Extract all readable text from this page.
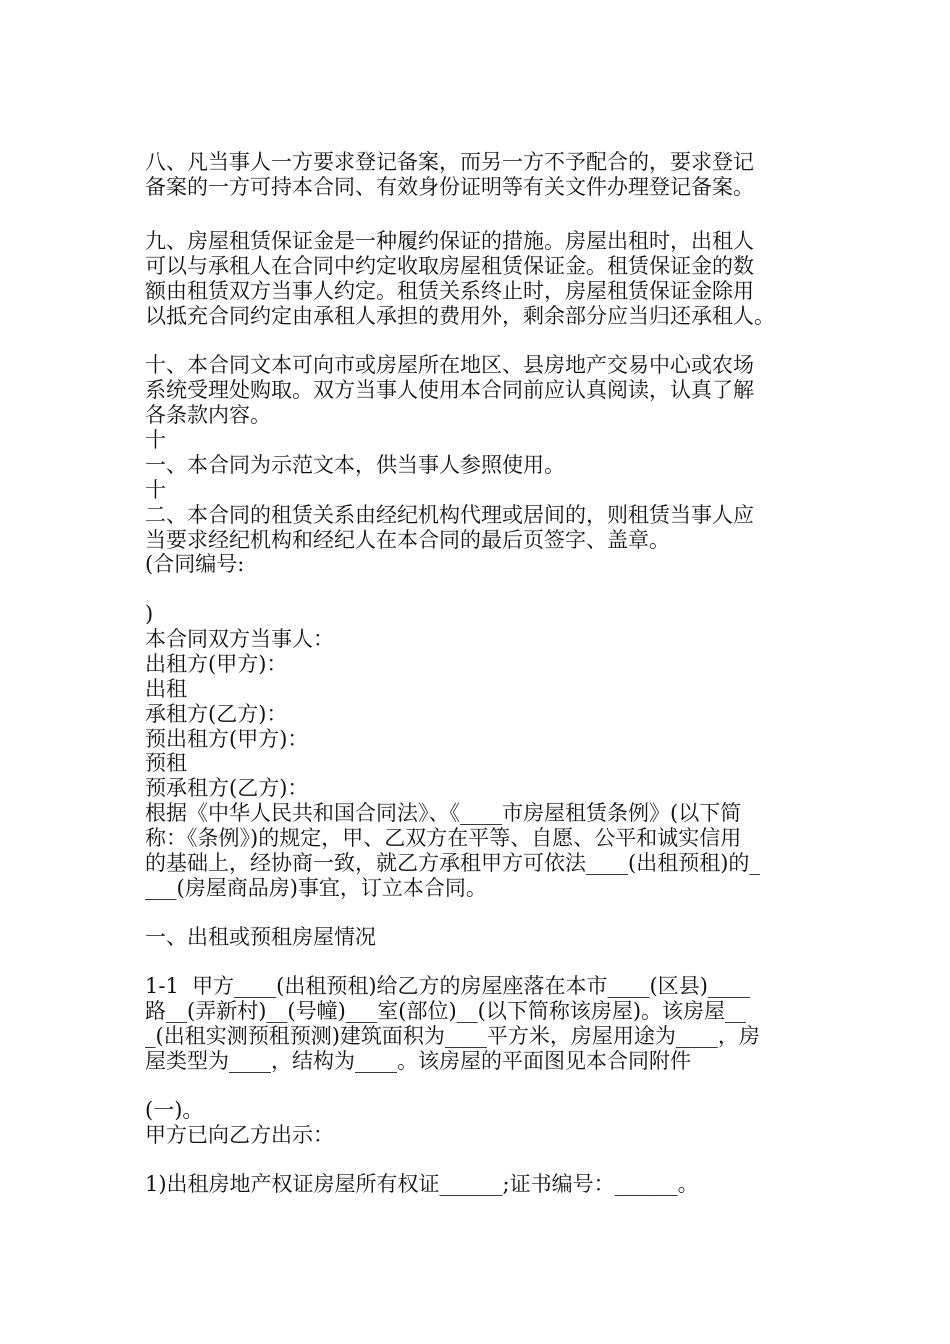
八、凡当事人一方要求登记备案，而另一方不予配合的，要求登记
备案的一方可持本合同、有效身份证明等有关文件办理登记备案。
九、房屋租赁保证金是一种履约保证的措施。房屋出租时，出租人
可以与承租人在合同中约定收取房屋租赁保证金。租赁保证金的数
额由租赁双方当事人约定。租赁关系终止时，房屋租赁保证金除用
以抵充合同约定由承租人承担的费用外，剩余部分应当归还承租人。
十、本合同文本可向市或房屋所在地区、县房地产交易中心或农场
系统受理处购取。双方当事人使用本合同前应认真阅读，认真了解
各条款内容。
十
一、本合同为示范文本，供当事人参照使用。
十
二、本合同的租赁关系由经纪机构代理或居间的，则租赁当事人应
当要求经纪机构和经纪人在本合同的最后页签字、盖章。
(合同编号:
)
本合同双方当事人：
出租方(甲方)：
出租
承租方(乙方)：
预出租方(甲方)：
预租
预承租方(乙方)：
根据《中华人民共和国合同法》、《____市房屋租赁条例》(以下简
称：《条例》)的规定，甲、乙双方在平等、自愿、公平和诚实信用
的基础上，经协商一致，就乙方承租甲方可依法____(出租预租)的_
___(房屋商品房)事宜，订立本合同。
一、出租或预租房屋情况
1-1  甲方____(出租预租)给乙方的房屋座落在本市____(区县)____
路__(弄新村)__(号幢)___室(部位)__(以下简称该房屋)。该房屋__
_(出租实测预租预测)建筑面积为____平方米，房屋用途为____，房
屋类型为____，结构为____。该房屋的平面图见本合同附件
(一)。
甲方已向乙方出示：
1)出租房地产权证房屋所有权证______;证书编号：______。
